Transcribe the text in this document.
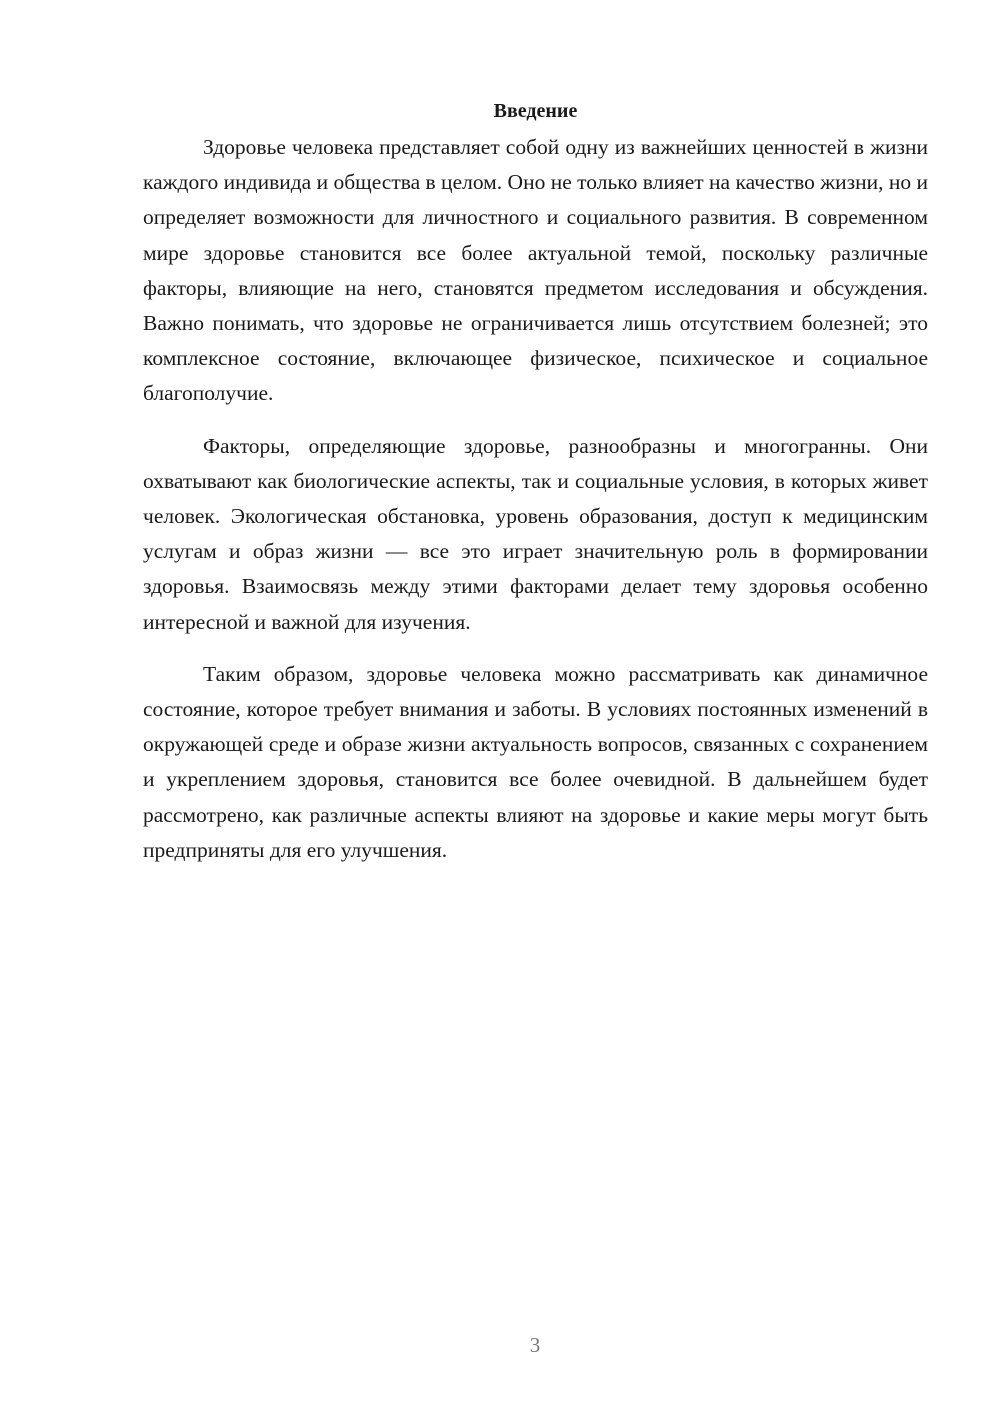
Введение

Здоровье человека представляет собой одну из важнейших ценностей в жизни каждого индивида и общества в целом. Оно не только влияет на качество жизни, но и определяет возможности для личностного и социального развития. В современном мире здоровье становится все более актуальной темой, поскольку различные факторы, влияющие на него, становятся предметом исследования и обсуждения. Важно понимать, что здоровье не ограничивается лишь отсутствием болезней; это комплексное состояние, включающее физическое, психическое и социальное благополучие.

Факторы, определяющие здоровье, разнообразны и многогранны. Они охватывают как биологические аспекты, так и социальные условия, в которых живет человек. Экологическая обстановка, уровень образования, доступ к медицинским услугам и образ жизни — все это играет значительную роль в формировании здоровья. Взаимосвязь между этими факторами делает тему здоровья особенно интересной и важной для изучения.

Таким образом, здоровье человека можно рассматривать как динамичное состояние, которое требует внимания и заботы. В условиях постоянных изменений в окружающей среде и образе жизни актуальность вопросов, связанных с сохранением и укреплением здоровья, становится все более очевидной. В дальнейшем будет рассмотрено, как различные аспекты влияют на здоровье и какие меры могут быть предприняты для его улучшения.

3
